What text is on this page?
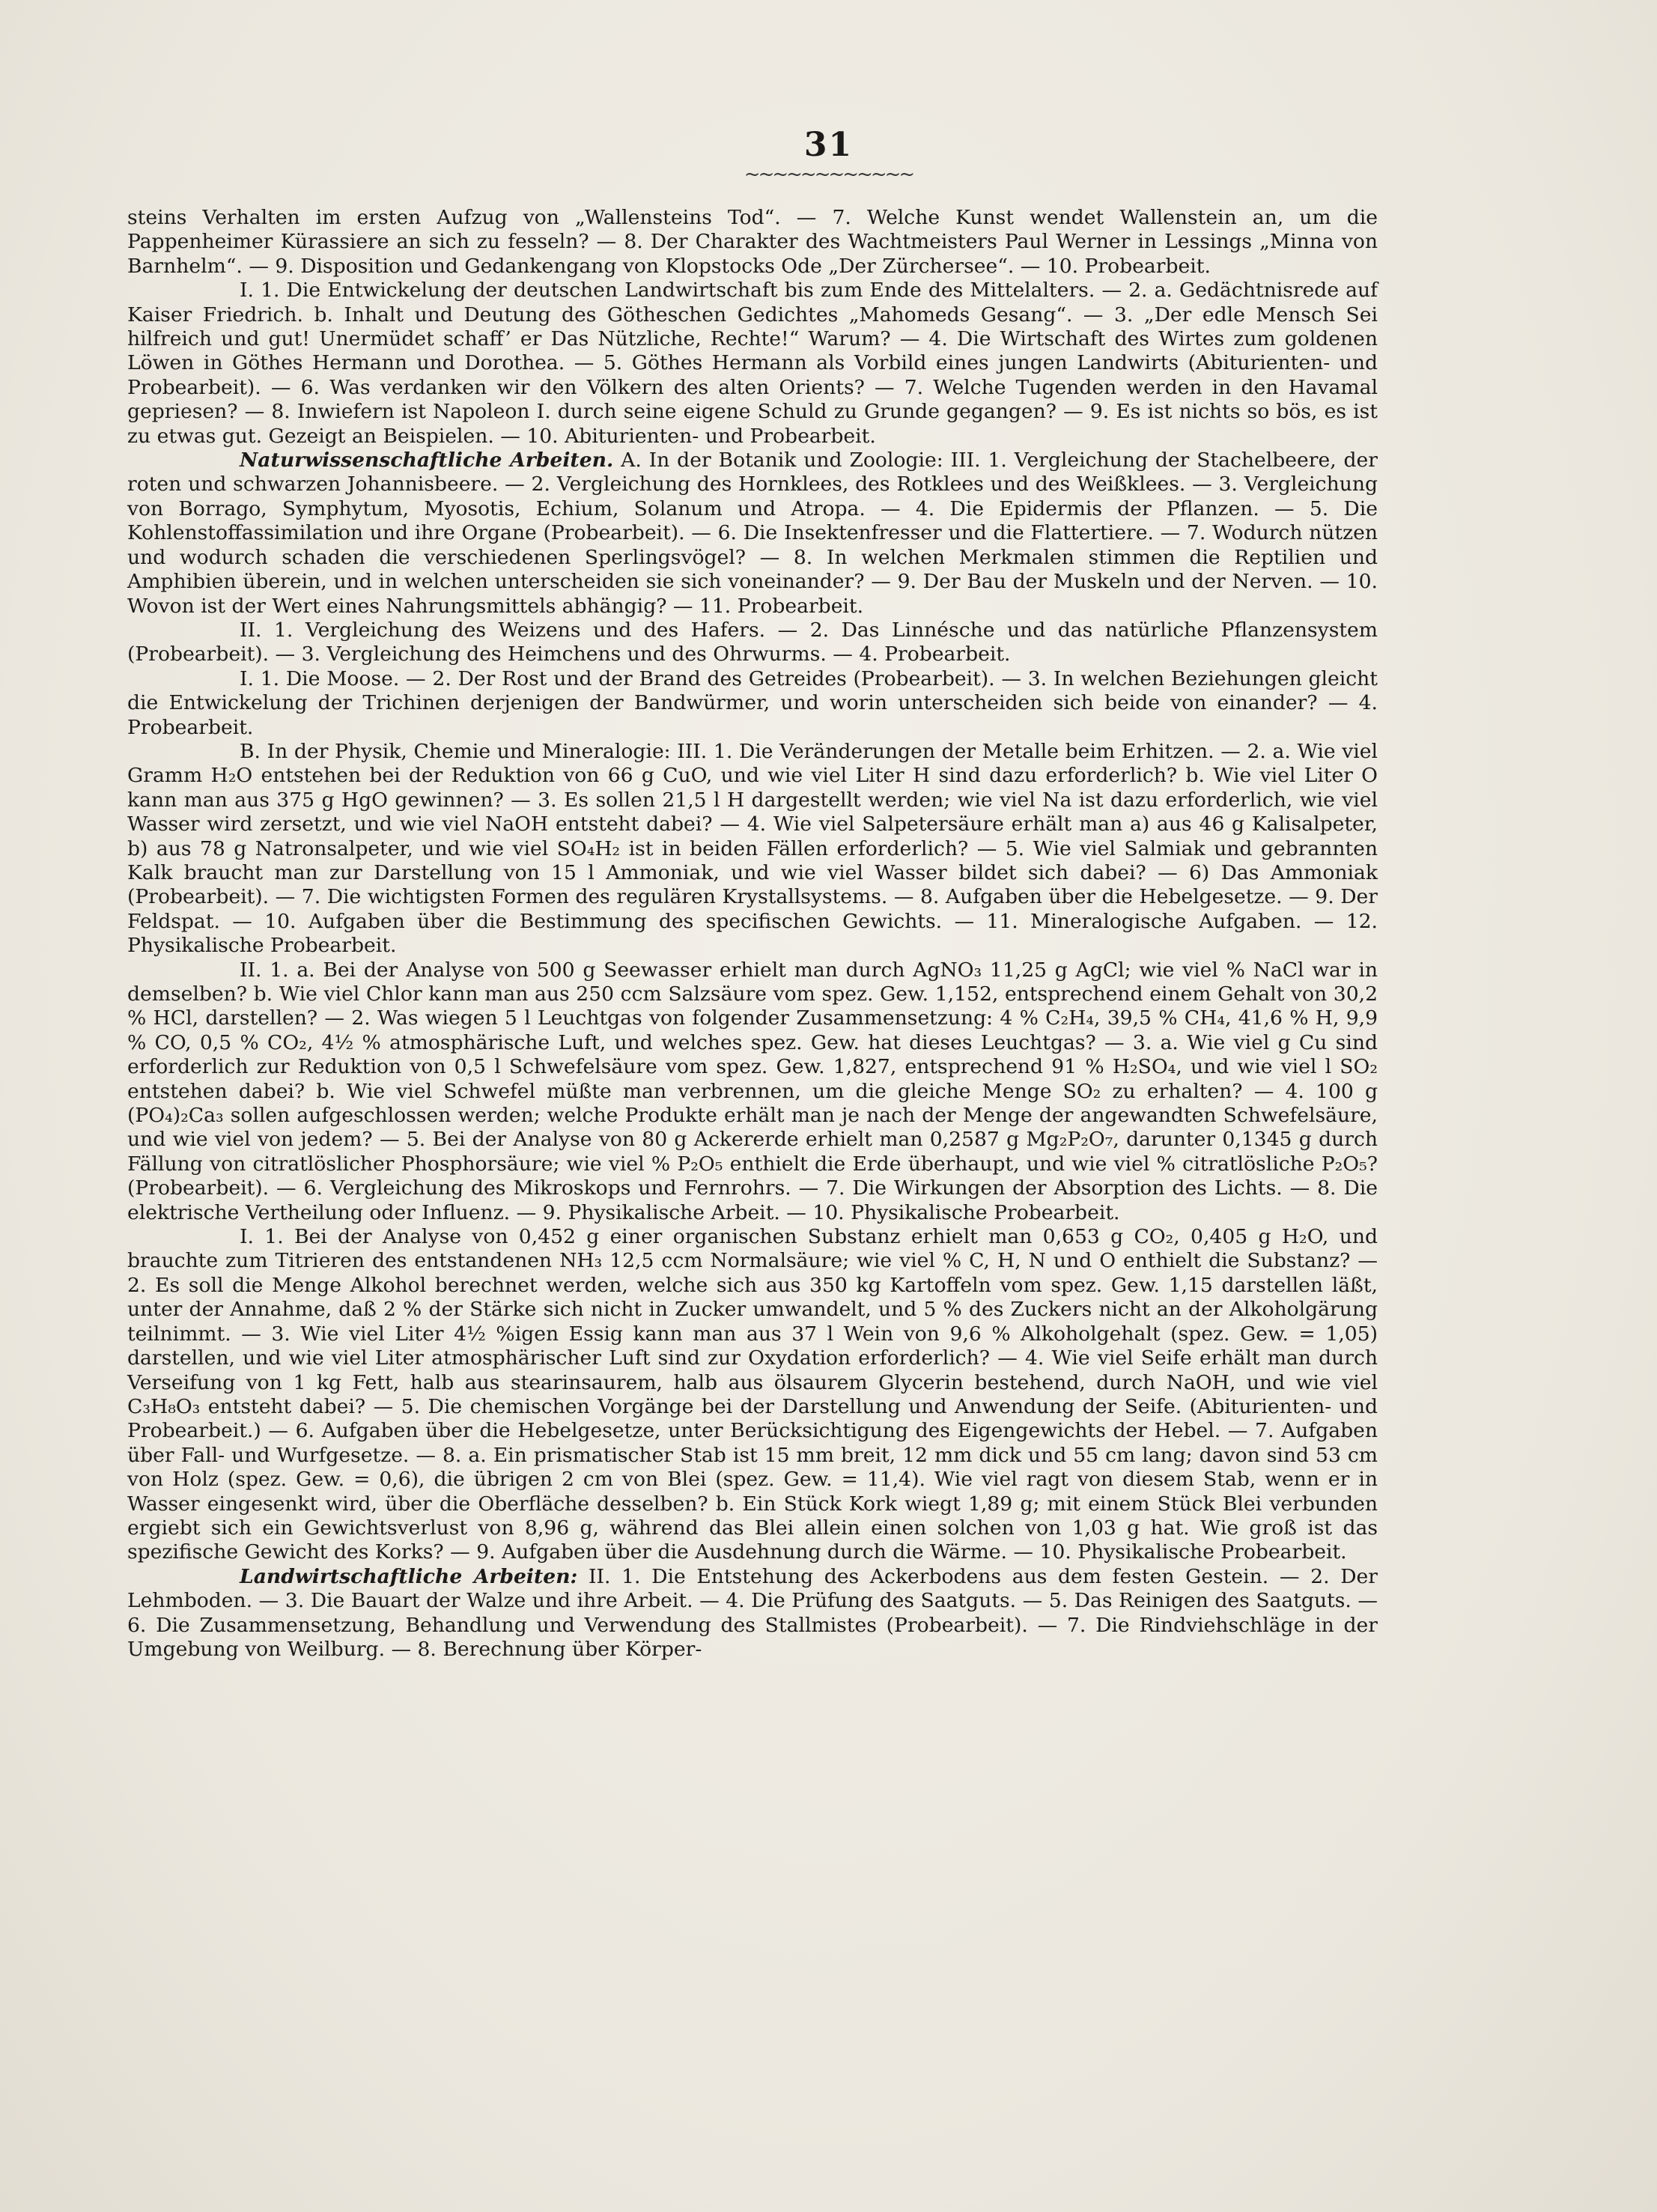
31
~~~~~~~~~~~~

steins Verhalten im ersten Aufzug von „Wallensteins Tod“. — 7. Welche Kunst wendet Wallenstein an, um die Pappenheimer Kürassiere an sich zu fesseln? — 8. Der Charakter des Wachtmeisters Paul Werner in Lessings „Minna von Barnhelm“. — 9. Disposition und Gedankengang von Klopstocks Ode „Der Zürchersee“. — 10. Probearbeit.

I. 1. Die Entwickelung der deutschen Landwirtschaft bis zum Ende des Mittelalters. — 2. a. Gedächtnisrede auf Kaiser Friedrich. b. Inhalt und Deutung des Götheschen Gedichtes „Mahomeds Gesang“. — 3. „Der edle Mensch Sei hilfreich und gut! Unermüdet schaff’ er Das Nützliche, Rechte!“ Warum? — 4. Die Wirtschaft des Wirtes zum goldenen Löwen in Göthes Hermann und Dorothea. — 5. Göthes Hermann als Vorbild eines jungen Landwirts (Abiturienten- und Probearbeit). — 6. Was verdanken wir den Völkern des alten Orients? — 7. Welche Tugenden werden in den Havamal gepriesen? — 8. Inwiefern ist Napoleon I. durch seine eigene Schuld zu Grunde gegangen? — 9. Es ist nichts so bös, es ist zu etwas gut. Gezeigt an Beispielen. — 10. Abiturienten- und Probearbeit.

Naturwissenschaftliche Arbeiten. A. In der Botanik und Zoologie: III. 1. Vergleichung der Stachelbeere, der roten und schwarzen Johannisbeere. — 2. Vergleichung des Hornklees, des Rotklees und des Weißklees. — 3. Vergleichung von Borrago, Symphytum, Myosotis, Echium, Solanum und Atropa. — 4. Die Epidermis der Pflanzen. — 5. Die Kohlenstoffassimilation und ihre Organe (Probearbeit). — 6. Die Insektenfresser und die Flattertiere. — 7. Wodurch nützen und wodurch schaden die verschiedenen Sperlingsvögel? — 8. In welchen Merkmalen stimmen die Reptilien und Amphibien überein, und in welchen unterscheiden sie sich voneinander? — 9. Der Bau der Muskeln und der Nerven. — 10. Wovon ist der Wert eines Nahrungsmittels abhängig? — 11. Probearbeit.

II. 1. Vergleichung des Weizens und des Hafers. — 2. Das Linnésche und das natürliche Pflanzensystem (Probearbeit). — 3. Vergleichung des Heimchens und des Ohrwurms. — 4. Probearbeit.

I. 1. Die Moose. — 2. Der Rost und der Brand des Getreides (Probearbeit). — 3. In welchen Beziehungen gleicht die Entwickelung der Trichinen derjenigen der Bandwürmer, und worin unterscheiden sich beide von einander? — 4. Probearbeit.

B. In der Physik, Chemie und Mineralogie: III. 1. Die Veränderungen der Metalle beim Erhitzen. — 2. a. Wie viel Gramm H₂O entstehen bei der Reduktion von 66 g CuO, und wie viel Liter H sind dazu erforderlich? b. Wie viel Liter O kann man aus 375 g HgO gewinnen? — 3. Es sollen 21,5 l H dargestellt werden; wie viel Na ist dazu erforderlich, wie viel Wasser wird zersetzt, und wie viel NaOH entsteht dabei? — 4. Wie viel Salpetersäure erhält man a) aus 46 g Kalisalpeter, b) aus 78 g Natronsalpeter, und wie viel SO₄H₂ ist in beiden Fällen erforderlich? — 5. Wie viel Salmiak und gebrannten Kalk braucht man zur Darstellung von 15 l Ammoniak, und wie viel Wasser bildet sich dabei? — 6) Das Ammoniak (Probearbeit). — 7. Die wichtigsten Formen des regulären Krystallsystems. — 8. Aufgaben über die Hebelgesetze. — 9. Der Feldspat. — 10. Aufgaben über die Bestimmung des specifischen Gewichts. — 11. Mineralogische Aufgaben. — 12. Physikalische Probearbeit.

II. 1. a. Bei der Analyse von 500 g Seewasser erhielt man durch AgNO₃ 11,25 g AgCl; wie viel % NaCl war in demselben? b. Wie viel Chlor kann man aus 250 ccm Salzsäure vom spez. Gew. 1,152, entsprechend einem Gehalt von 30,2 % HCl, darstellen? — 2. Was wiegen 5 l Leuchtgas von folgender Zusammensetzung: 4 % C₂H₄, 39,5 % CH₄, 41,6 % H, 9,9 % CO, 0,5 % CO₂, 4½ % atmosphärische Luft, und welches spez. Gew. hat dieses Leuchtgas? — 3. a. Wie viel g Cu sind erforderlich zur Reduktion von 0,5 l Schwefelsäure vom spez. Gew. 1,827, entsprechend 91 % H₂SO₄, und wie viel l SO₂ entstehen dabei? b. Wie viel Schwefel müßte man verbrennen, um die gleiche Menge SO₂ zu erhalten? — 4. 100 g (PO₄)₂Ca₃ sollen aufgeschlossen werden; welche Produkte erhält man je nach der Menge der angewandten Schwefelsäure, und wie viel von jedem? — 5. Bei der Analyse von 80 g Ackererde erhielt man 0,2587 g Mg₂P₂O₇, darunter 0,1345 g durch Fällung von citratlöslicher Phosphorsäure; wie viel % P₂O₅ enthielt die Erde überhaupt, und wie viel % citratlösliche P₂O₅? (Probearbeit). — 6. Vergleichung des Mikroskops und Fernrohrs. — 7. Die Wirkungen der Absorption des Lichts. — 8. Die elektrische Vertheilung oder Influenz. — 9. Physikalische Arbeit. — 10. Physikalische Probearbeit.

I. 1. Bei der Analyse von 0,452 g einer organischen Substanz erhielt man 0,653 g CO₂, 0,405 g H₂O, und brauchte zum Titrieren des entstandenen NH₃ 12,5 ccm Normalsäure; wie viel % C, H, N und O enthielt die Substanz? — 2. Es soll die Menge Alkohol berechnet werden, welche sich aus 350 kg Kartoffeln vom spez. Gew. 1,15 darstellen läßt, unter der Annahme, daß 2 % der Stärke sich nicht in Zucker umwandelt, und 5 % des Zuckers nicht an der Alkoholgärung teilnimmt. — 3. Wie viel Liter 4½ %igen Essig kann man aus 37 l Wein von 9,6 % Alkoholgehalt (spez. Gew. = 1,05) darstellen, und wie viel Liter atmosphärischer Luft sind zur Oxydation erforderlich? — 4. Wie viel Seife erhält man durch Verseifung von 1 kg Fett, halb aus stearinsaurem, halb aus ölsaurem Glycerin bestehend, durch NaOH, und wie viel C₃H₈O₃ entsteht dabei? — 5. Die chemischen Vorgänge bei der Darstellung und Anwendung der Seife. (Abiturienten- und Probearbeit.) — 6. Aufgaben über die Hebelgesetze, unter Berücksichtigung des Eigengewichts der Hebel. — 7. Aufgaben über Fall- und Wurfgesetze. — 8. a. Ein prismatischer Stab ist 15 mm breit, 12 mm dick und 55 cm lang; davon sind 53 cm von Holz (spez. Gew. = 0,6), die übrigen 2 cm von Blei (spez. Gew. = 11,4). Wie viel ragt von diesem Stab, wenn er in Wasser eingesenkt wird, über die Oberfläche desselben? b. Ein Stück Kork wiegt 1,89 g; mit einem Stück Blei verbunden ergiebt sich ein Gewichtsverlust von 8,96 g, während das Blei allein einen solchen von 1,03 g hat. Wie groß ist das spezifische Gewicht des Korks? — 9. Aufgaben über die Ausdehnung durch die Wärme. — 10. Physikalische Probearbeit.

Landwirtschaftliche Arbeiten: II. 1. Die Entstehung des Ackerbodens aus dem festen Gestein. — 2. Der Lehmboden. — 3. Die Bauart der Walze und ihre Arbeit. — 4. Die Prüfung des Saatguts. — 5. Das Reinigen des Saatguts. — 6. Die Zusammensetzung, Behandlung und Verwendung des Stallmistes (Probearbeit). — 7. Die Rindviehschläge in der Umgebung von Weilburg. — 8. Berechnung über Körper-
